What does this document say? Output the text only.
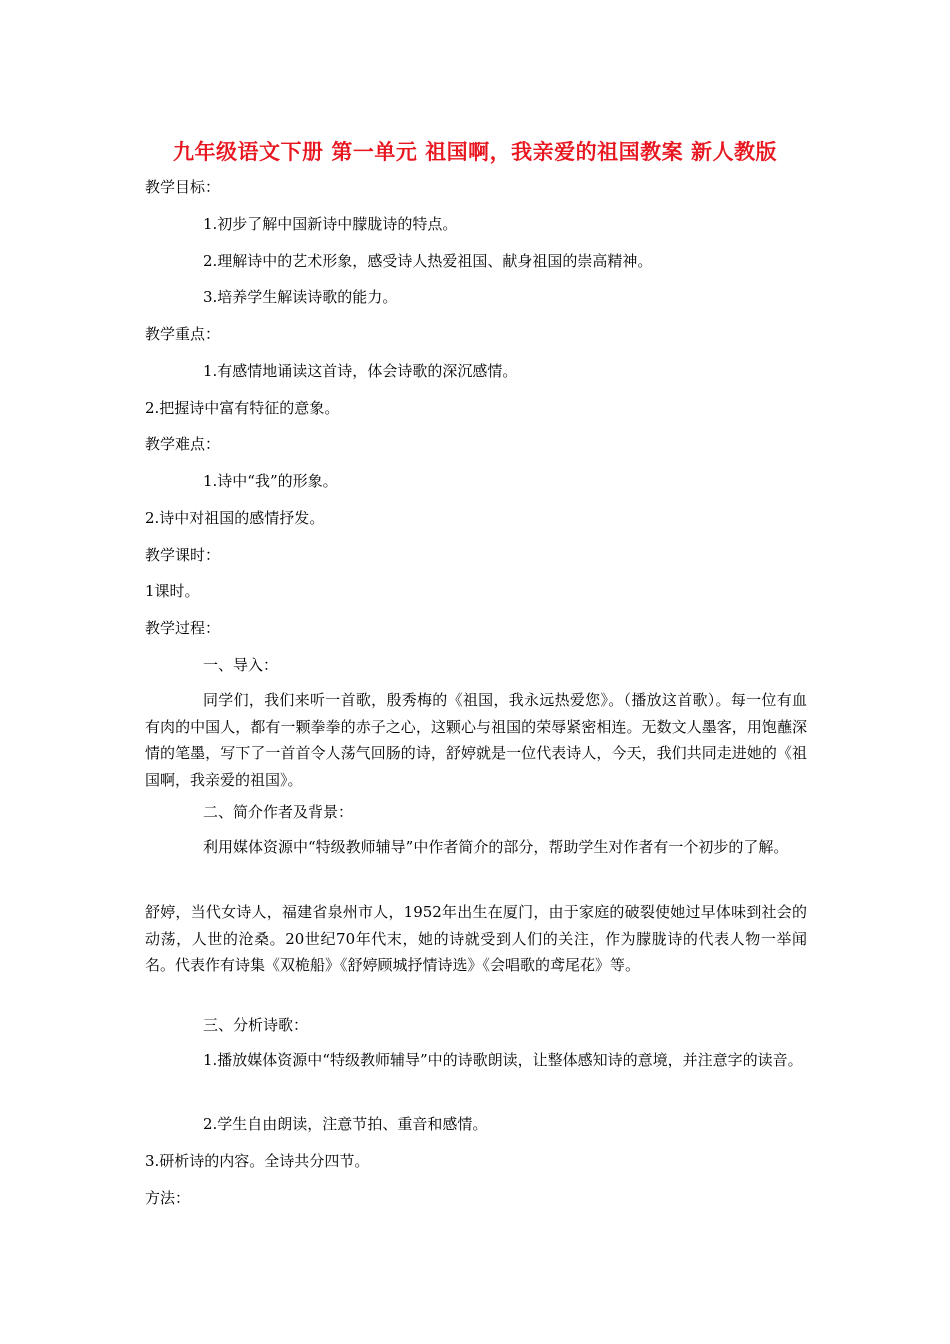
九年级语文下册 第一单元 祖国啊，我亲爱的祖国教案 新人教版
教学目标：
1.初步了解中国新诗中朦胧诗的特点。
2.理解诗中的艺术形象，感受诗人热爱祖国、献身祖国的崇高精神。
3.培养学生解读诗歌的能力。
教学重点：
1.有感情地诵读这首诗，体会诗歌的深沉感情。
2.把握诗中富有特征的意象。
教学难点：
1.诗中“我”的形象。
2.诗中对祖国的感情抒发。
教学课时：
1课时。
教学过程：
一、导入：
同学们，我们来听一首歌，殷秀梅的《祖国，我永远热爱您》。（播放这首歌）。每一位有血有肉的中国人，都有一颗拳拳的赤子之心，这颗心与祖国的荣辱紧密相连。无数文人墨客，用饱蘸深情的笔墨，写下了一首首令人荡气回肠的诗，舒婷就是一位代表诗人，今天，我们共同走进她的《祖国啊，我亲爱的祖国》。
二、简介作者及背景：
利用媒体资源中“特级教师辅导”中作者简介的部分，帮助学生对作者有一个初步的了解。
舒婷，当代女诗人，福建省泉州市人，1952年出生在厦门，由于家庭的破裂使她过早体味到社会的动荡，人世的沧桑。20世纪70年代末，她的诗就受到人们的关注，作为朦胧诗的代表人物一举闻名。代表作有诗集《双桅船》《舒婷顾城抒情诗选》《会唱歌的鸢尾花》等。
三、分析诗歌：
1.播放媒体资源中“特级教师辅导”中的诗歌朗读，让整体感知诗的意境，并注意字的读音。
2.学生自由朗读，注意节拍、重音和感情。
3.研析诗的内容。全诗共分四节。
方法：
